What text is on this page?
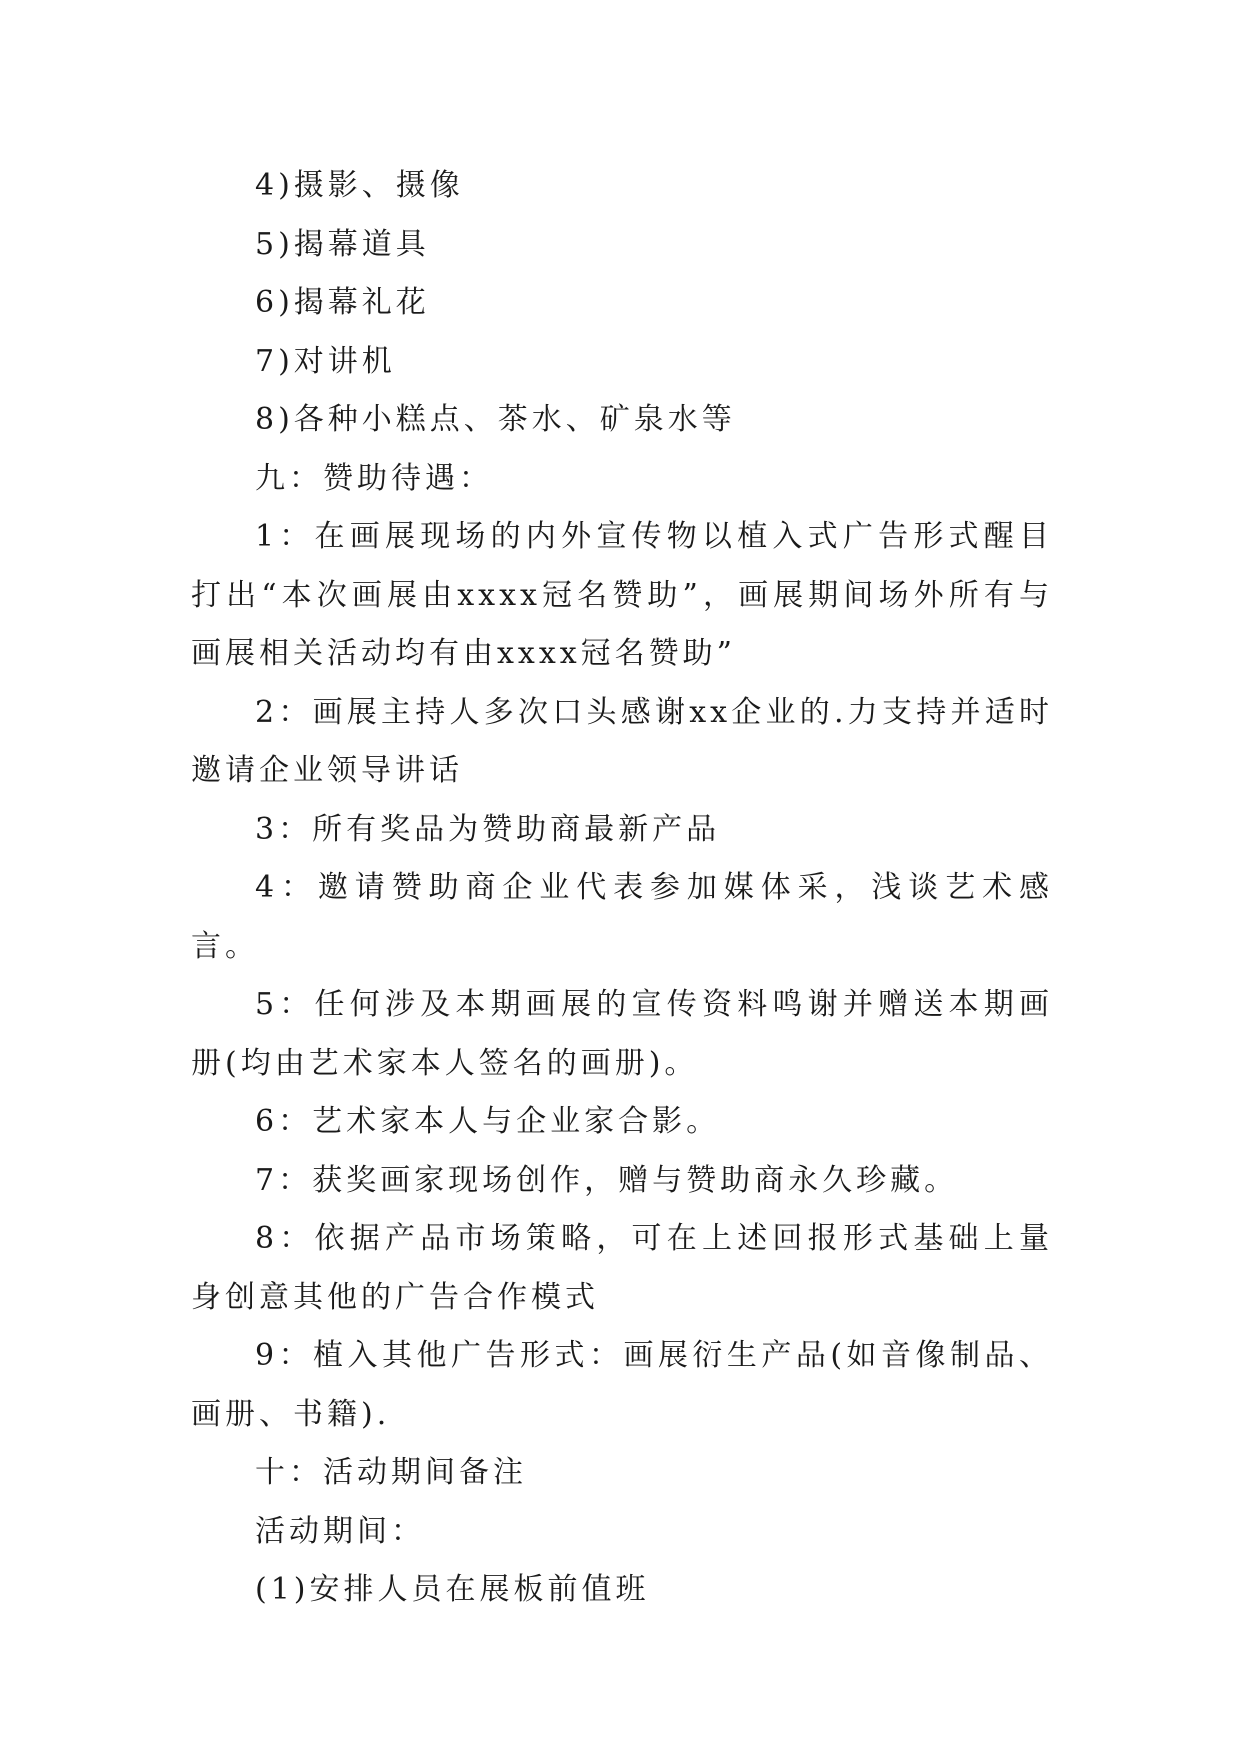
4)摄影、摄像

5)揭幕道具

6)揭幕礼花

7)对讲机

8)各种小糕点、茶水、矿泉水等

九：赞助待遇：

1：在画展现场的内外宣传物以植入式广告形式醒目打出“本次画展由xxxx冠名赞助”，画展期间场外所有与画展相关活动均有由xxxx冠名赞助”

2：画展主持人多次口头感谢xx企业的.力支持并适时邀请企业领导讲话

3：所有奖品为赞助商最新产品

4：邀请赞助商企业代表参加媒体采，浅谈艺术感言。

5：任何涉及本期画展的宣传资料鸣谢并赠送本期画册(均由艺术家本人签名的画册)。

6：艺术家本人与企业家合影。

7：获奖画家现场创作，赠与赞助商永久珍藏。

8：依据产品市场策略，可在上述回报形式基础上量身创意其他的广告合作模式

9：植入其他广告形式：画展衍生产品(如音像制品、画册、书籍).

十：活动期间备注

活动期间：

(1)安排人员在展板前值班
